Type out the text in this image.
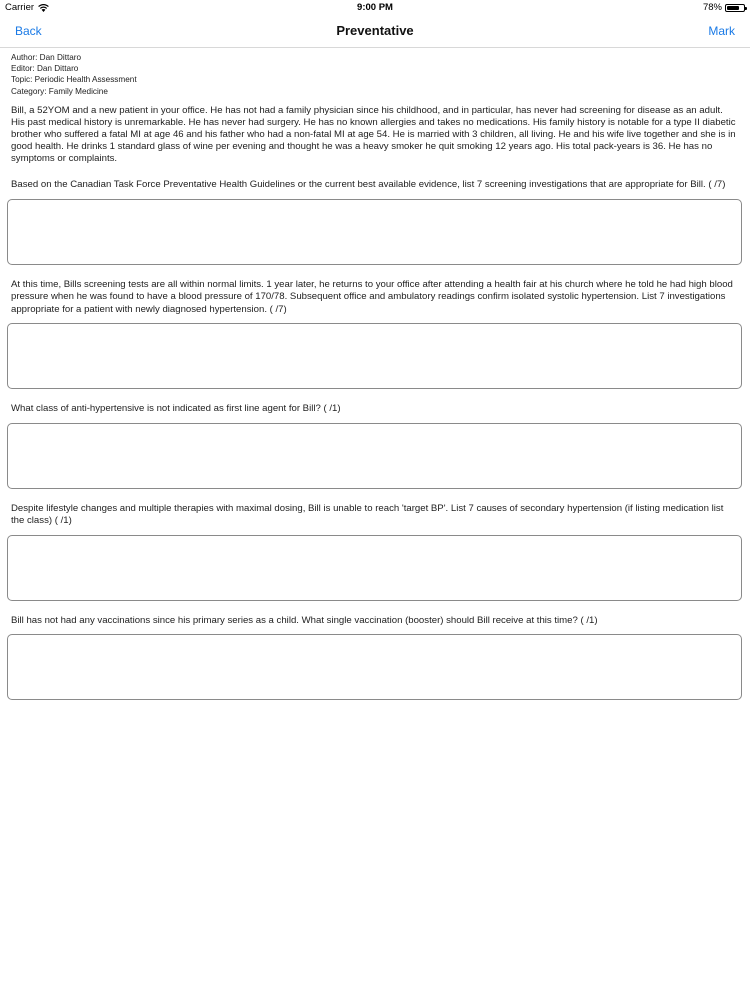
Carrier	9:00 PM	78%
Back	Preventative	Mark
Author: Dan Dittaro
Editor: Dan Dittaro
Topic: Periodic Health Assessment
Category: Family Medicine
Bill, a 52YOM and a new patient in your office. He has not had a family physician since his childhood, and in particular, has never had screening for disease as an adult. His past medical history is unremarkable. He has never had surgery. He has no known allergies and takes no medications. His family history is notable for a type II diabetic brother who suffered a fatal MI at age 46 and his father who had a non-fatal MI at age 54. He is married with 3 children, all living. He and his wife live together and she is in good health. He drinks 1 standard glass of wine per evening and thought he was a heavy smoker he quit smoking 12 years ago. His total pack-years is 36. He has no symptoms or complaints.
Based on the Canadian Task Force Preventative Health Guidelines or the current best available evidence, list 7 screening investigations that are appropriate for Bill. ( /7)
At this time, Bills screening tests are all within normal limits. 1 year later, he returns to your office after attending a health fair at his church where he told he had high blood pressure when he was found to have a blood pressure of 170/78. Subsequent office and ambulatory readings confirm isolated systolic hypertension. List 7 investigations appropriate for a patient with newly diagnosed hypertension. ( /7)
What class of anti-hypertensive is not indicated as first line agent for Bill? ( /1)
Despite lifestyle changes and multiple therapies with maximal dosing, Bill is unable to reach 'target BP'. List 7 causes of secondary hypertension (if listing medication list the class) ( /1)
Bill has not had any vaccinations since his primary series as a child. What single vaccination (booster) should Bill receive at this time? ( /1)
